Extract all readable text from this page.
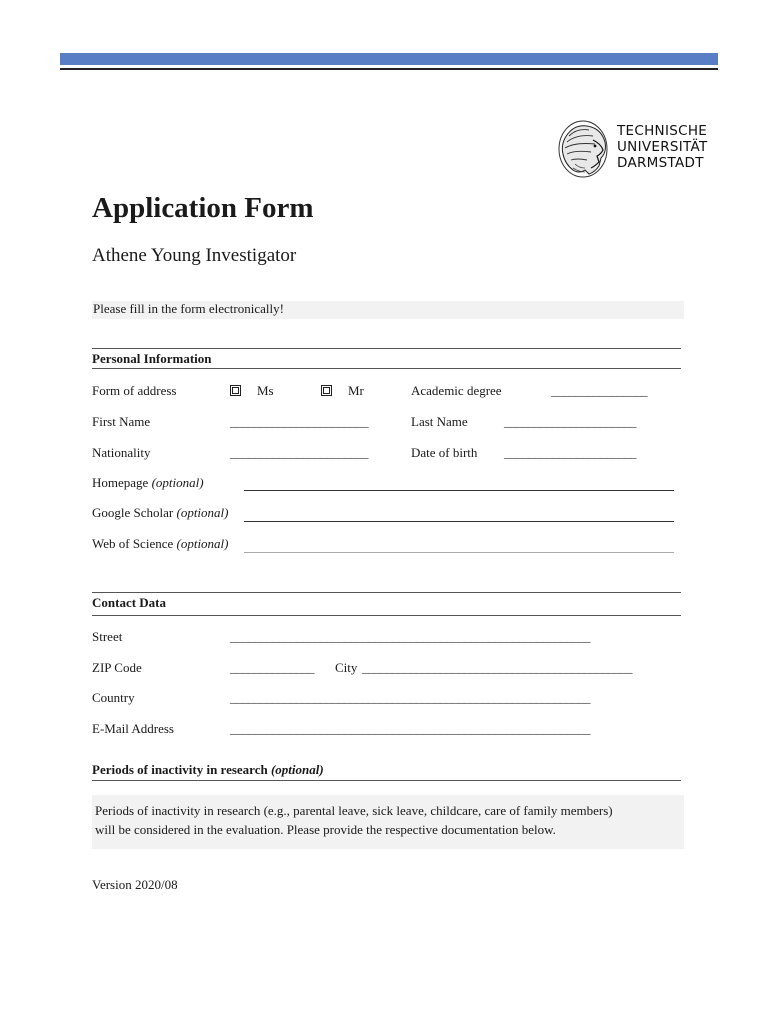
TECHNISCHE
UNIVERSITÄT
DARMSTADT
Application Form
Athene Young Investigator
Please fill in the form electronically!
Personal Information
Form of address	Ms	Mr	Academic degree	________________
First Name	_______________________	Last Name	______________________
Nationality	_______________________	Date of birth ______________________
Homepage (optional)
Google Scholar (optional)
Web of Science (optional)
Contact Data
Street	____________________________________________________________
ZIP Code	______________ City _____________________________________________
Country	____________________________________________________________
E-Mail Address	____________________________________________________________
Periods of inactivity in research (optional)
Periods of inactivity in research (e.g., parental leave, sick leave, childcare, care of family members)
will be considered in the evaluation. Please provide the respective documentation below.
Version 2020/08
